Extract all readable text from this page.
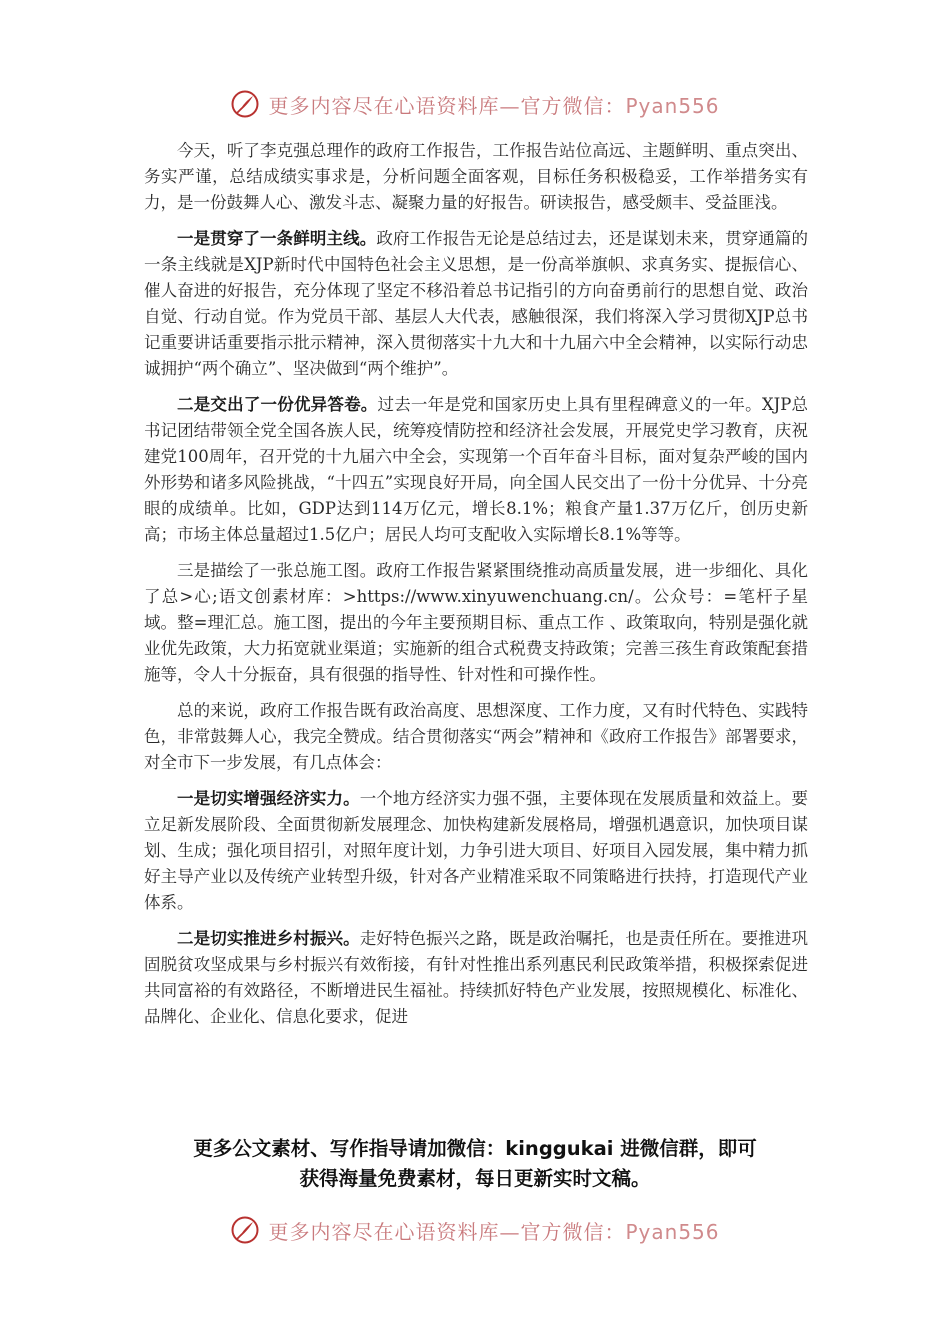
更多内容尽在心语资料库—官方微信：Pyan556

今天，听了李克强总理作的政府工作报告，工作报告站位高远、主题鲜明、重点突出、务实严谨，总结成绩实事求是，分析问题全面客观，目标任务积极稳妥，工作举措务实有力，是一份鼓舞人心、激发斗志、凝聚力量的好报告。研读报告，感受颇丰、受益匪浅。

一是贯穿了一条鲜明主线。政府工作报告无论是总结过去，还是谋划未来，贯穿通篇的一条主线就是XJP新时代中国特色社会主义思想，是一份高举旗帜、求真务实、提振信心、催人奋进的好报告，充分体现了坚定不移沿着总书记指引的方向奋勇前行的思想自觉、政治自觉、行动自觉。作为党员干部、基层人大代表，感触很深，我们将深入学习贯彻XJP总书记重要讲话重要指示批示精神，深入贯彻落实十九大和十九届六中全会精神，以实际行动忠诚拥护“两个确立”、坚决做到“两个维护”。

二是交出了一份优异答卷。过去一年是党和国家历史上具有里程碑意义的一年。XJP总书记团结带领全党全国各族人民，统筹疫情防控和经济社会发展，开展党史学习教育，庆祝建党100周年，召开党的十九届六中全会，实现第一个百年奋斗目标，面对复杂严峻的国内外形势和诸多风险挑战，“十四五”实现良好开局，向全国人民交出了一份十分优异、十分亮眼的成绩单。比如，GDP达到114万亿元，增长8.1%；粮食产量1.37万亿斤，创历史新高；市场主体总量超过1.5亿户；居民人均可支配收入实际增长8.1%等等。

三是描绘了一张总施工图。政府工作报告紧紧围绕推动高质量发展，进一步细化、具化了总>心;语文创素材库：>https://www.xinyuwenchuang.cn/。公众号：=笔杆子星域。整=理汇总。施工图，提出的今年主要预期目标、重点工作 、政策取向，特别是强化就业优先政策，大力拓宽就业渠道；实施新的组合式税费支持政策；完善三孩生育政策配套措施等，令人十分振奋，具有很强的指导性、针对性和可操作性。

总的来说，政府工作报告既有政治高度、思想深度、工作力度，又有时代特色、实践特色，非常鼓舞人心，我完全赞成。结合贯彻落实“两会”精神和《政府工作报告》部署要求，对全市下一步发展，有几点体会：

一是切实增强经济实力。一个地方经济实力强不强，主要体现在发展质量和效益上。要立足新发展阶段、全面贯彻新发展理念、加快构建新发展格局，增强机遇意识，加快项目谋划、生成；强化项目招引，对照年度计划，力争引进大项目、好项目入园发展，集中精力抓好主导产业以及传统产业转型升级，针对各产业精准采取不同策略进行扶持，打造现代产业体系。

二是切实推进乡村振兴。走好特色振兴之路，既是政治嘱托，也是责任所在。要推进巩固脱贫攻坚成果与乡村振兴有效衔接，有针对性推出系列惠民利民政策举措，积极探索促进共同富裕的有效路径，不断增进民生福祉。持续抓好特色产业发展，按照规模化、标准化、品牌化、企业化、信息化要求，促进

更多公文素材、写作指导请加微信：kinggukai 进微信群，即可
获得海量免费素材，每日更新实时文稿。
更多内容尽在心语资料库—官方微信：Pyan556
